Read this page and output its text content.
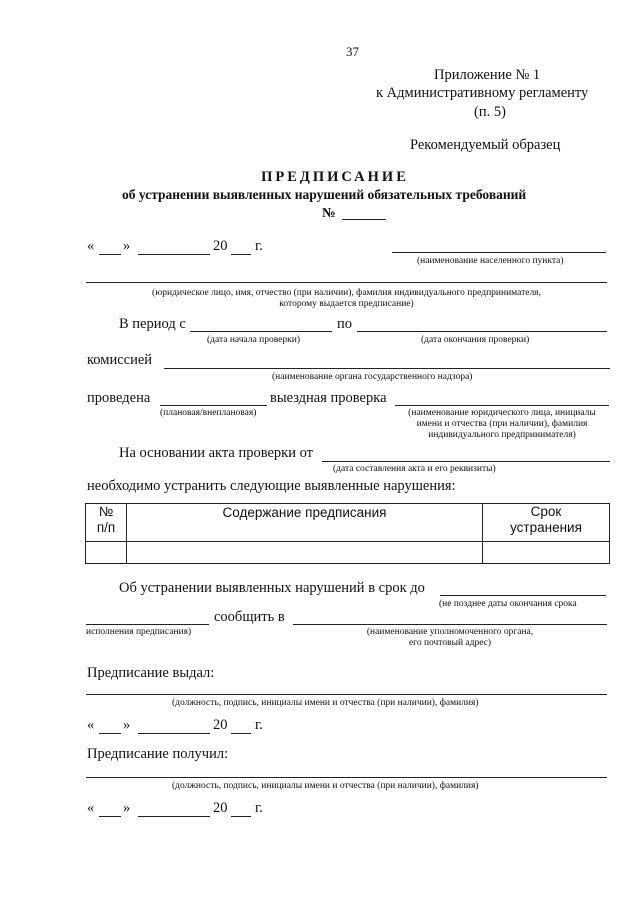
37
Приложение № 1
к Административному регламенту
(п. 5)
Рекомендуемый образец
ПРЕДПИСАНИЕ
об устранении выявленных нарушений обязательных требований
№
« »	20 г.
(наименование населенного пункта)
(юридическое лицо, имя, отчество (при наличии), фамилия индивидуального предпринимателя,
которому выдается предписание)
В период с	по
(дата начала проверки)	(дата окончания проверки)
комиссией
(наименование органа государственного надзора)
проведена	выездная проверка
(плановая/внеплановая)	(наименование юридического лица, инициалы
имени и отчества (при наличии), фамилия
индивидуального предпринимателя)
На основании акта проверки от
(дата составления акта и его реквизиты)
необходимо устранить следующие выявленные нарушения:
№
п/п	Содержание предписания	Срок
устранения

Об устранении выявленных нарушений в срок до
(не позднее даты окончания срока
сообщить в
исполнения предписания)	(наименование уполномоченного органа,
его почтовый адрес)
Предписание выдал:
(должность, подпись, инициалы имени и отчества (при наличии), фамилия)
« »	20 г.
Предписание получил:
(должность, подпись, инициалы имени и отчества (при наличии), фамилия)
« »	20 г.
